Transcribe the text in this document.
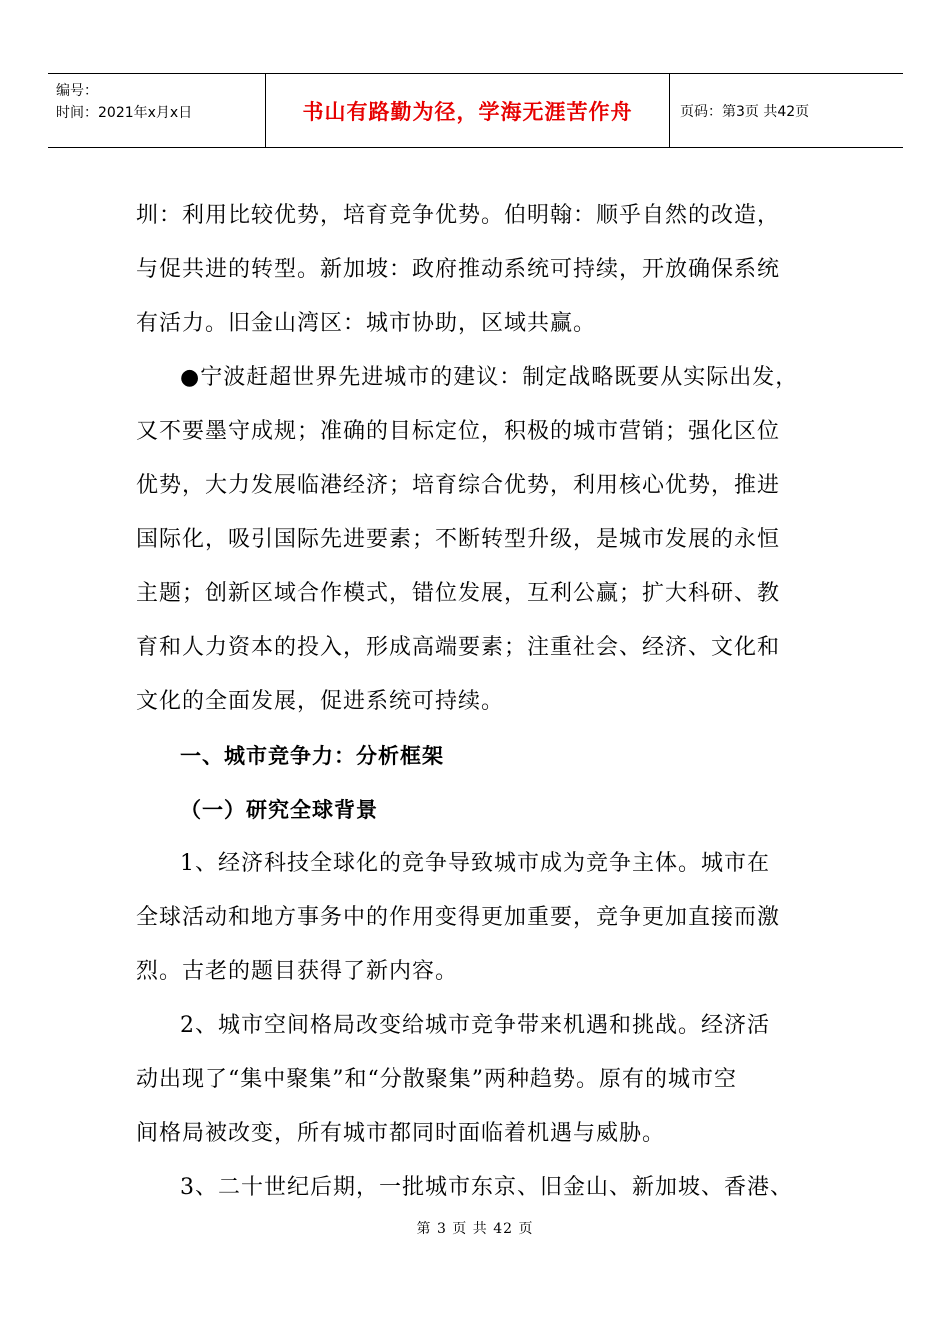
编号：
时间：2021年x月x日	书山有路勤为径，学海无涯苦作舟	页码：第3页 共42页
圳：利用比较优势，培育竞争优势。伯明翰：顺乎自然的改造，
与促共进的转型。新加坡：政府推动系统可持续，开放确保系统
有活力。旧金山湾区：城市协助，区域共赢。
●宁波赶超世界先进城市的建议：制定战略既要从实际出发，
又不要墨守成规；准确的目标定位，积极的城市营销；强化区位
优势，大力发展临港经济；培育综合优势，利用核心优势，推进
国际化，吸引国际先进要素；不断转型升级，是城市发展的永恒
主题；创新区域合作模式，错位发展，互利公赢；扩大科研、教
育和人力资本的投入，形成高端要素；注重社会、经济、文化和
文化的全面发展，促进系统可持续。
一、城市竞争力：分析框架
（一）研究全球背景
1、经济科技全球化的竞争导致城市成为竞争主体。城市在
全球活动和地方事务中的作用变得更加重要，竞争更加直接而激
烈。古老的题目获得了新内容。
2、城市空间格局改变给城市竞争带来机遇和挑战。经济活
动出现了“集中聚集”和“分散聚集”两种趋势。原有的城市空
间格局被改变，所有城市都同时面临着机遇与威胁。
3、二十世纪后期，一批城市东京、旧金山、新加坡、香港、
第 3 页 共 42 页
